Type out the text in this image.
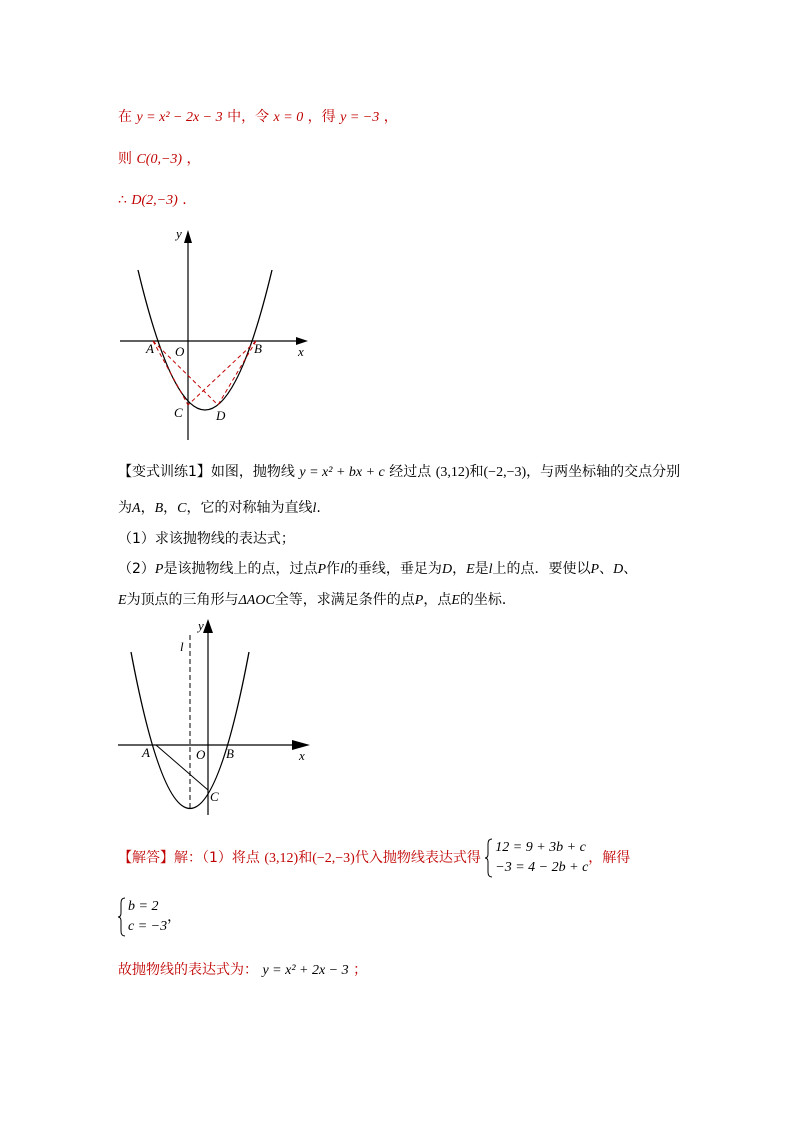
在 y = x² − 2x − 3 中，令 x = 0 ，得 y = −3 ，
则 C(0,−3) ，
∴ D(2,−3) .
y
x
A O	B
C	D
y
l
x
A	O B
C
【变式训练1】如图，抛物线 y = x² + bx + c 经过点 (3,12)和(−2,−3)，与两坐标轴的交点分别
为A，B，C，它的对称轴为直线l.
（1）求该抛物线的表达式；
（2）P是该抛物线上的点，过点P作l的垂线，垂足为D，E是l上的点．要使以P、D、
E为顶点的三角形与ΔAOC全等，求满足条件的点P，点E的坐标．
【解答】解：（1）将点 (3,12)和(−2,−3)代入抛物线表达式得
12 = 9 + 3b + c
−3 = 4 − 2b + c
，解得
b = 2
c = −3
，
故抛物线的表达式为： y = x² + 2x − 3 ；
